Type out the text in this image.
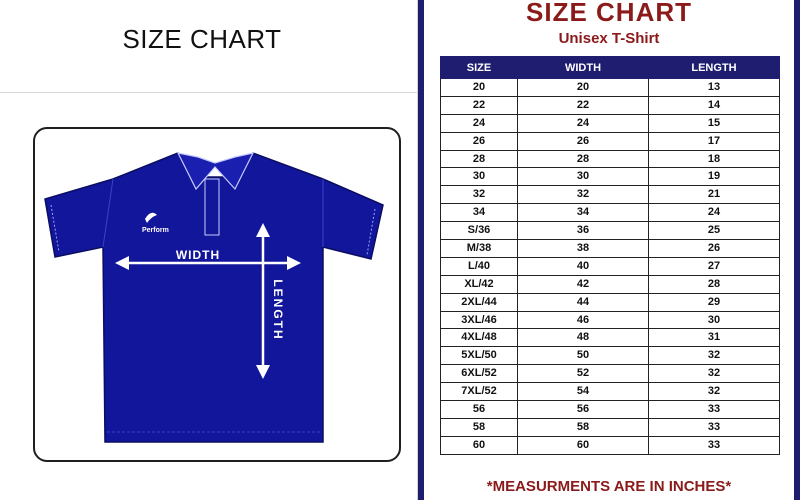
SIZE CHART
Perform
WIDTH
LENGTH
SIZE CHART
Unisex T-Shirt
SIZE	WIDTH	LENGTH
20	20	13
22	22	14
24	24	15
26	26	17
28	28	18
30	30	19
32	32	21
34	34	24
S/36	36	25
M/38	38	26
L/40	40	27
XL/42	42	28
2XL/44	44	29
3XL/46	46	30
4XL/48	48	31
5XL/50	50	32
6XL/52	52	32
7XL/52	54	32
56	56	33
58	58	33
60	60	33
*MEASURMENTS ARE IN INCHES*
